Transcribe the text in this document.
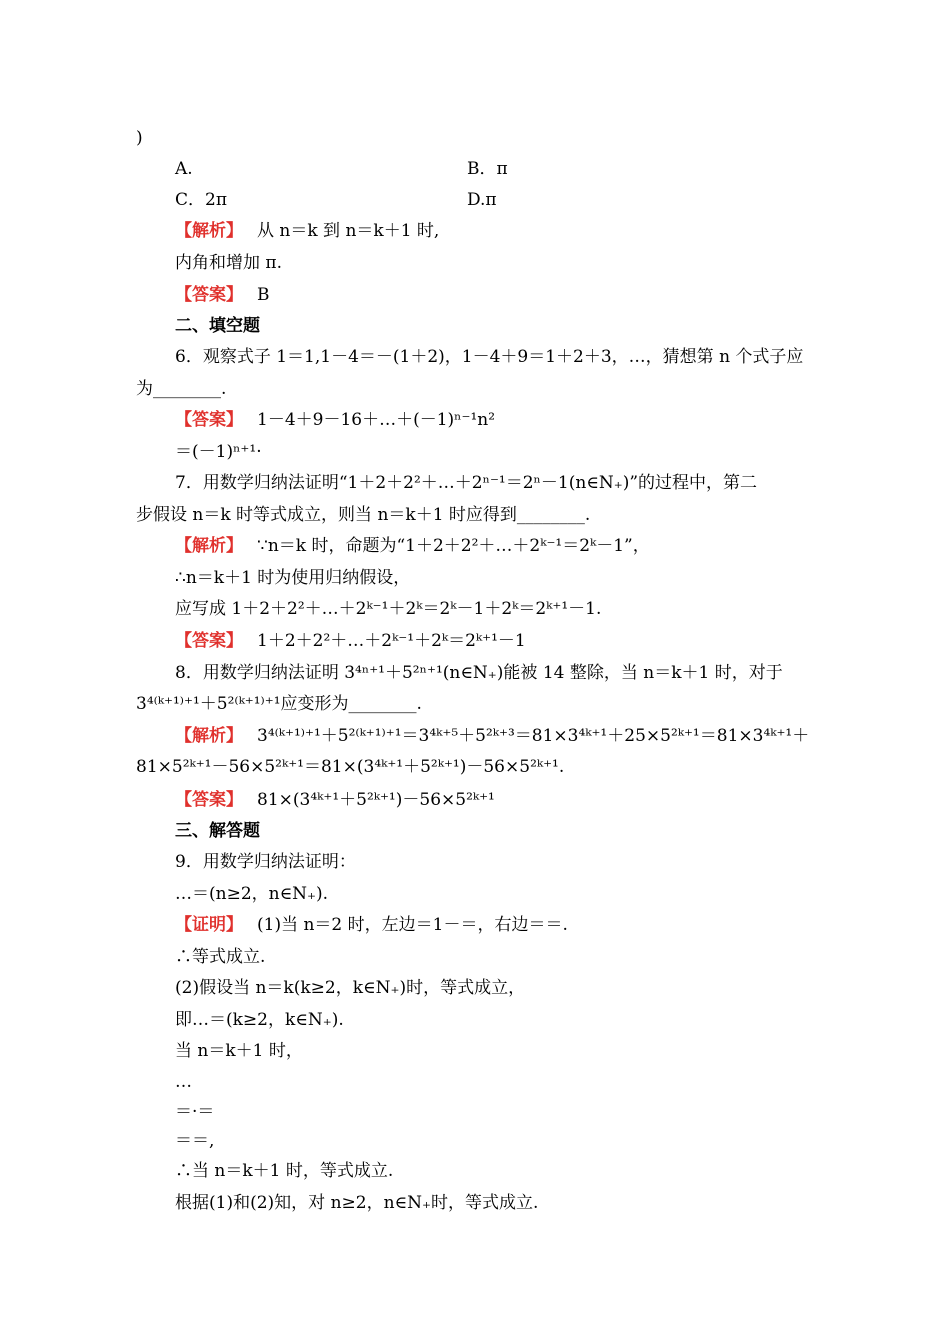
)
A.	B．π
C．2π	D.π
【解析】 从 n＝k 到 n＝k＋1 时,
内角和增加 π.
【答案】 B
二、填空题
6．观察式子 1＝1,1－4＝－(1＋2)，1－4＋9＝1＋2＋3，…，猜想第 n 个式子应
为________.
【答案】 1－4＋9－16＋…＋(－1)ⁿ⁻¹n²
＝(－1)ⁿ⁺¹·
7．用数学归纳法证明“1＋2＋2²＋…＋2ⁿ⁻¹＝2ⁿ－1(n∈N₊)”的过程中，第二
步假设 n＝k 时等式成立，则当 n＝k＋1 时应得到________.
【解析】 ∵n＝k 时，命题为“1＋2＋2²＋…＋2ᵏ⁻¹＝2ᵏ－1”，
∴n＝k＋1 时为使用归纳假设，
应写成 1＋2＋2²＋…＋2ᵏ⁻¹＋2ᵏ＝2ᵏ－1＋2ᵏ＝2ᵏ⁺¹－1.
【答案】 1＋2＋2²＋…＋2ᵏ⁻¹＋2ᵏ＝2ᵏ⁺¹－1
8．用数学归纳法证明 3⁴ⁿ⁺¹＋5²ⁿ⁺¹(n∈N₊)能被 14 整除，当 n＝k＋1 时，对于
3⁴⁽ᵏ⁺¹⁾⁺¹＋5²⁽ᵏ⁺¹⁾⁺¹应变形为________.
【解析】 3⁴⁽ᵏ⁺¹⁾⁺¹＋5²⁽ᵏ⁺¹⁾⁺¹＝3⁴ᵏ⁺⁵＋5²ᵏ⁺³＝81×3⁴ᵏ⁺¹＋25×5²ᵏ⁺¹＝81×3⁴ᵏ⁺¹＋
81×5²ᵏ⁺¹－56×5²ᵏ⁺¹＝81×(3⁴ᵏ⁺¹＋5²ᵏ⁺¹)－56×5²ᵏ⁺¹.
【答案】 81×(3⁴ᵏ⁺¹＋5²ᵏ⁺¹)－56×5²ᵏ⁺¹
三、解答题
9．用数学归纳法证明：
…＝(n≥2，n∈N₊).
【证明】 (1)当 n＝2 时，左边＝1－＝，右边＝＝.
∴等式成立.
(2)假设当 n＝k(k≥2，k∈N₊)时，等式成立，
即…＝(k≥2，k∈N₊).
当 n＝k＋1 时，
…
＝·＝
＝＝,
∴当 n＝k＋1 时，等式成立.
根据(1)和(2)知，对 n≥2，n∈N₊时，等式成立.
